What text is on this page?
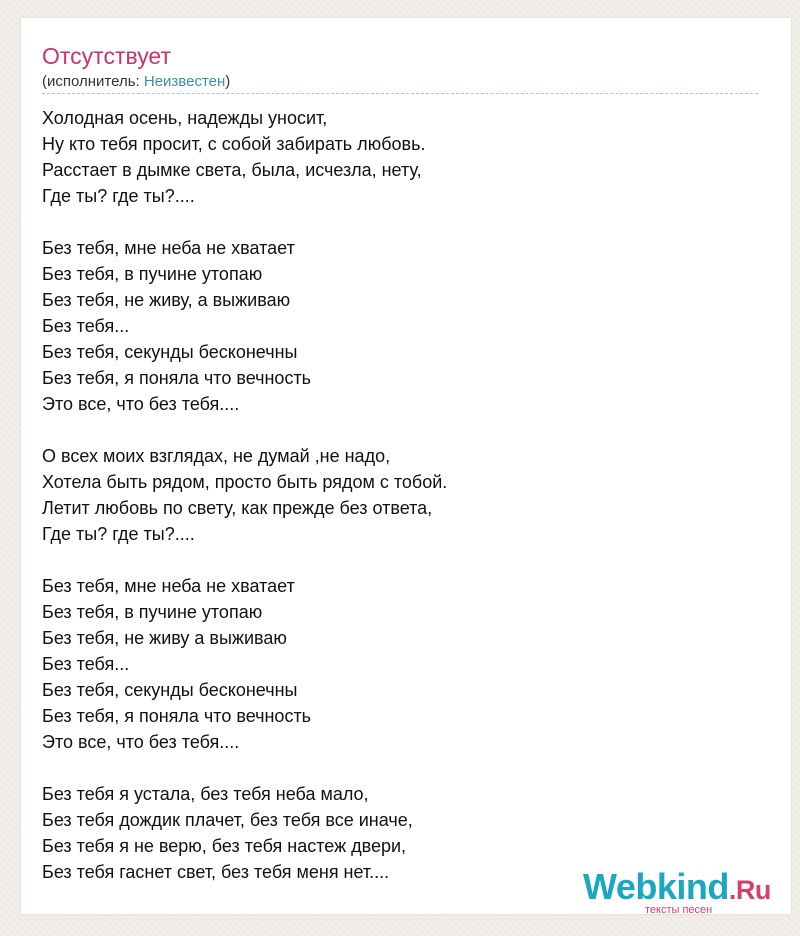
Отсутствует
(исполнитель: Неизвестен)
Холодная осень, надежды уносит,
Ну кто тебя просит, с собой забирать любовь.
Расстает в дымке света, была, исчезла, нету,
Где ты? где ты?....
Без тебя, мне неба не хватает
Без тебя, в пучине утопаю
Без тебя, не живу, а выживаю
Без тебя...
Без тебя, секунды бесконечны
Без тебя, я поняла что вечность
Это все, что без тебя....
О всех моих взглядах, не думай ,не надо,
Хотела быть рядом, просто быть рядом с тобой.
Летит любовь по свету, как прежде без ответа,
Где ты? где ты?....
Без тебя, мне неба не хватает
Без тебя, в пучине утопаю
Без тебя, не живу а выживаю
Без тебя...
Без тебя, секунды бесконечны
Без тебя, я поняла что вечность
Это все, что без тебя....
Без тебя я устала, без тебя неба мало,
Без тебя дождик плачет, без тебя все иначе,
Без тебя я не верю, без тебя настеж двери,
Без тебя гаснет свет, без тебя меня нет....	Webkind.Ru
тексты песен
